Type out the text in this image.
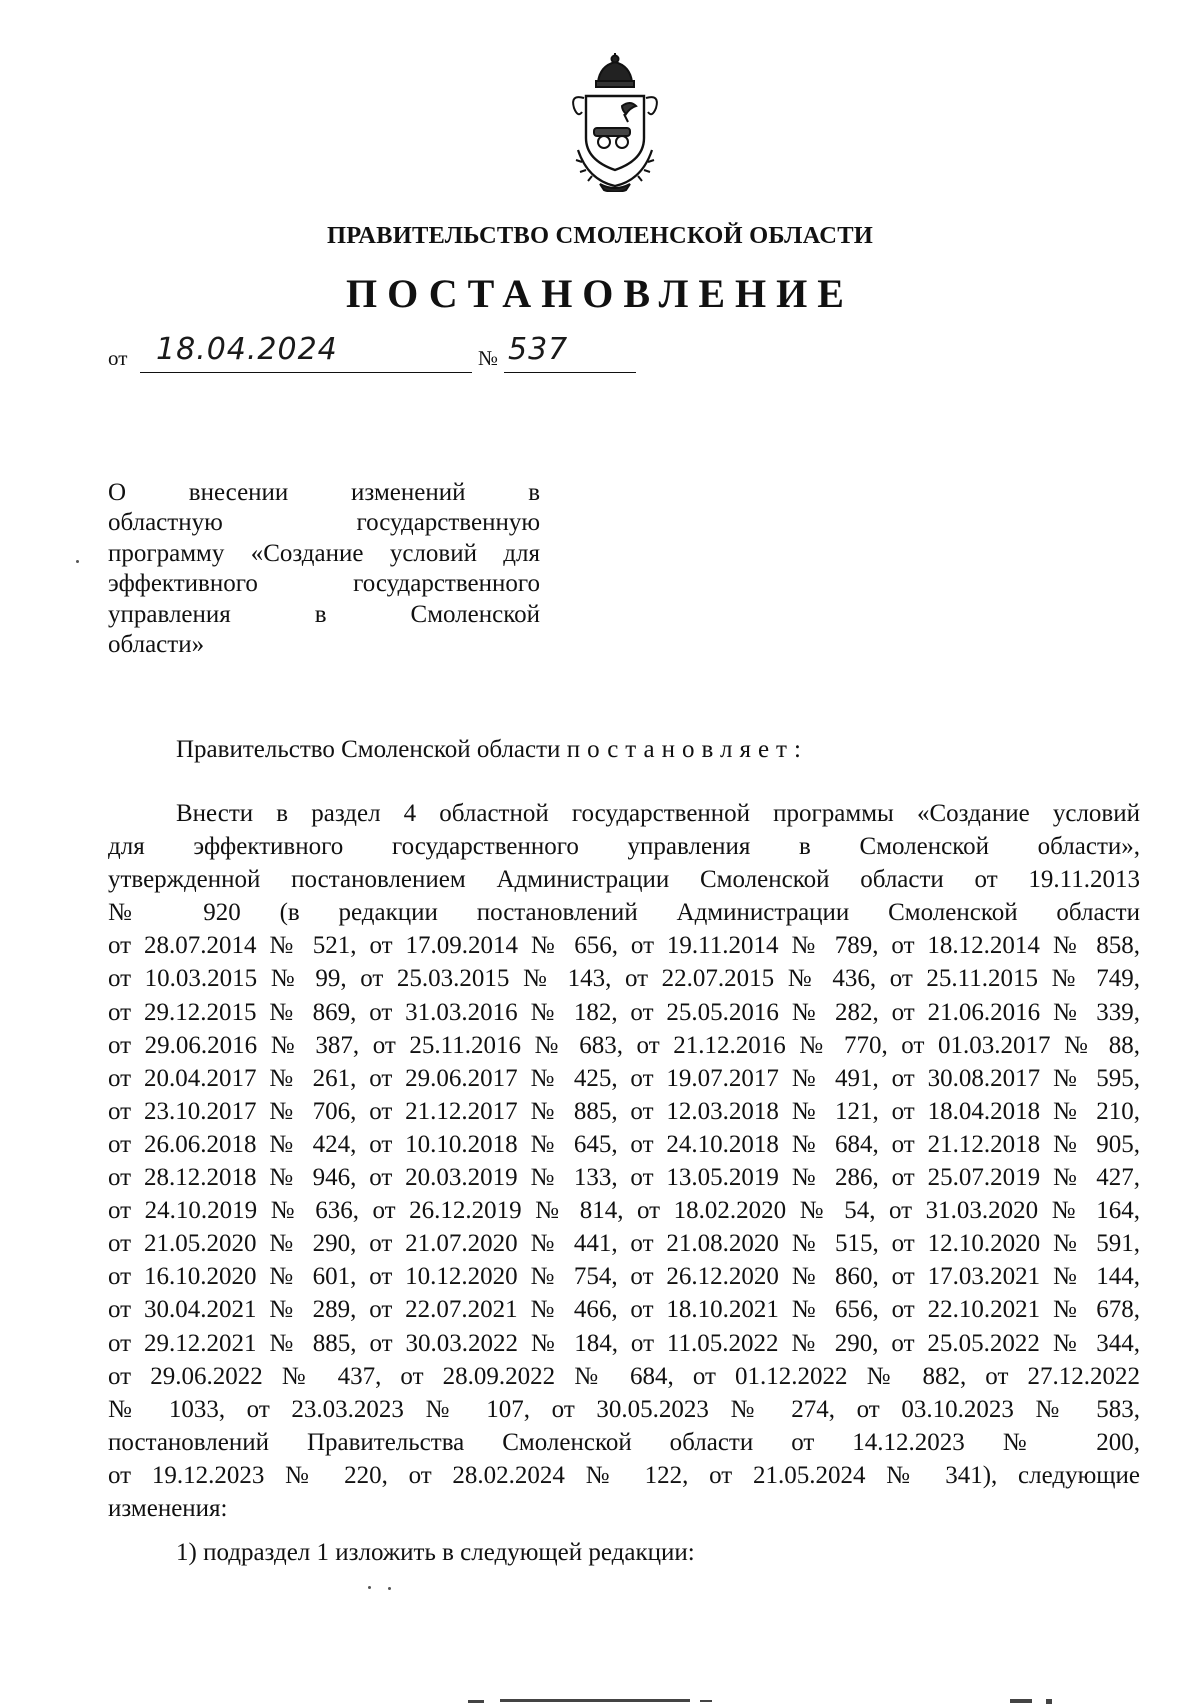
ПРАВИТЕЛЬСТВО СМОЛЕНСКОЙ ОБЛАСТИ
ПОСТАНОВЛЕНИЕ
от 18.04.2024	№ 537
О внесении изменений в
областную государственную
программу «Создание условий для
эффективного государственного
управления в Смоленской
области»
Правительство Смоленской области постановляет:
Внести в раздел 4 областной государственной программы «Создание условий
для эффективного государственного управления в Смоленской области»,
утвержденной постановлением Администрации Смоленской области от 19.11.2013
№ 920 (в редакции постановлений Администрации Смоленской области
от 28.07.2014 № 521, от 17.09.2014 № 656, от 19.11.2014 № 789, от 18.12.2014 № 858,
от 10.03.2015 № 99, от 25.03.2015 № 143, от 22.07.2015 № 436, от 25.11.2015 № 749,
от 29.12.2015 № 869, от 31.03.2016 № 182, от 25.05.2016 № 282, от 21.06.2016 № 339,
от 29.06.2016 № 387, от 25.11.2016 № 683, от 21.12.2016 № 770, от 01.03.2017 № 88,
от 20.04.2017 № 261, от 29.06.2017 № 425, от 19.07.2017 № 491, от 30.08.2017 № 595,
от 23.10.2017 № 706, от 21.12.2017 № 885, от 12.03.2018 № 121, от 18.04.2018 № 210,
от 26.06.2018 № 424, от 10.10.2018 № 645, от 24.10.2018 № 684, от 21.12.2018 № 905,
от 28.12.2018 № 946, от 20.03.2019 № 133, от 13.05.2019 № 286, от 25.07.2019 № 427,
от 24.10.2019 № 636, от 26.12.2019 № 814, от 18.02.2020 № 54, от 31.03.2020 № 164,
от 21.05.2020 № 290, от 21.07.2020 № 441, от 21.08.2020 № 515, от 12.10.2020 № 591,
от 16.10.2020 № 601, от 10.12.2020 № 754, от 26.12.2020 № 860, от 17.03.2021 № 144,
от 30.04.2021 № 289, от 22.07.2021 № 466, от 18.10.2021 № 656, от 22.10.2021 № 678,
от 29.12.2021 № 885, от 30.03.2022 № 184, от 11.05.2022 № 290, от 25.05.2022 № 344,
от 29.06.2022 № 437, от 28.09.2022 № 684, от 01.12.2022 № 882, от 27.12.2022
№ 1033, от 23.03.2023 № 107, от 30.05.2023 № 274, от 03.10.2023 № 583,
постановлений Правительства Смоленской области от 14.12.2023 № 200,
от 19.12.2023 № 220, от 28.02.2024 № 122, от 21.05.2024 № 341), следующие
изменения:
1) подраздел 1 изложить в следующей редакции:
